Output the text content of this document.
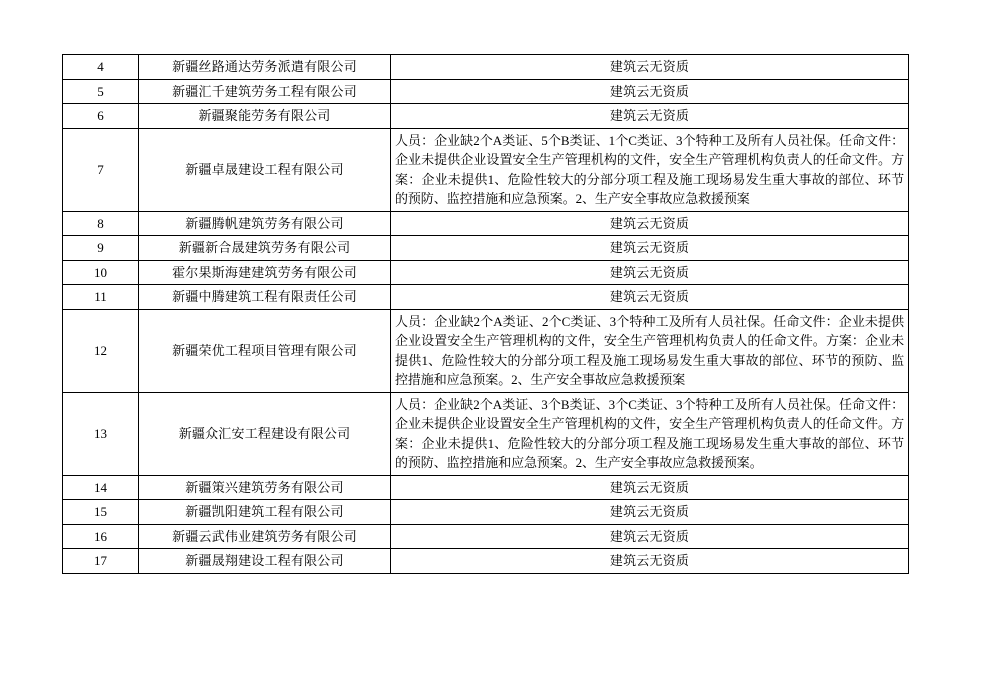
4	新疆丝路通达劳务派遣有限公司	建筑云无资质
5	新疆汇千建筑劳务工程有限公司	建筑云无资质
6	新疆聚能劳务有限公司	建筑云无资质
7	新疆卓晟建设工程有限公司	人员：企业缺2个A类证、5个B类证、1个C类证、3个特种工及所有人员社保。任命文件：企业未提供企业设置安全生产管理机构的文件，安全生产管理机构负责人的任命文件。方案：企业未提供1、危险性较大的分部分项工程及施工现场易发生重大事故的部位、环节的预防、监控措施和应急预案。2、生产安全事故应急救援预案
8	新疆腾帆建筑劳务有限公司	建筑云无资质
9	新疆新合晟建筑劳务有限公司	建筑云无资质
10	霍尔果斯海建建筑劳务有限公司	建筑云无资质
11	新疆中腾建筑工程有限责任公司	建筑云无资质
12	新疆荣优工程项目管理有限公司	人员：企业缺2个A类证、2个C类证、3个特种工及所有人员社保。任命文件：企业未提供企业设置安全生产管理机构的文件，安全生产管理机构负责人的任命文件。方案：企业未提供1、危险性较大的分部分项工程及施工现场易发生重大事故的部位、环节的预防、监控措施和应急预案。2、生产安全事故应急救援预案
13	新疆众汇安工程建设有限公司	人员：企业缺2个A类证、3个B类证、3个C类证、3个特种工及所有人员社保。任命文件：企业未提供企业设置安全生产管理机构的文件，安全生产管理机构负责人的任命文件。方案：企业未提供1、危险性较大的分部分项工程及施工现场易发生重大事故的部位、环节的预防、监控措施和应急预案。2、生产安全事故应急救援预案。
14	新疆策兴建筑劳务有限公司	建筑云无资质
15	新疆凯阳建筑工程有限公司	建筑云无资质
16	新疆云武伟业建筑劳务有限公司	建筑云无资质
17	新疆晟翔建设工程有限公司	建筑云无资质
